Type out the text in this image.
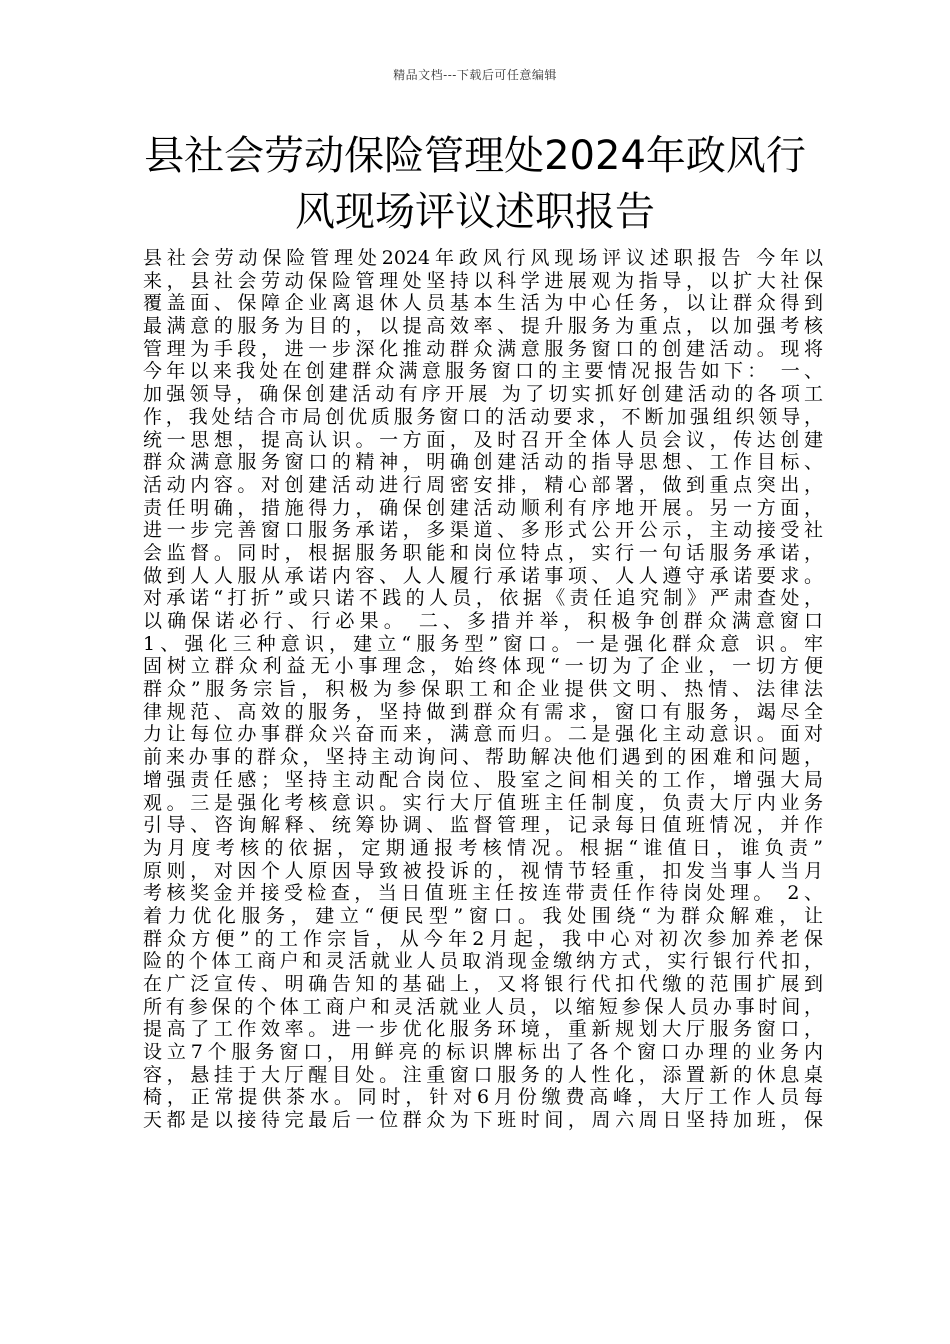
精品文档---下载后可任意编辑
县社会劳动保险管理处2024年政风行
风现场评议述职报告
县社会劳动保险管理处2024年政风行风现场评议述职报告 今年以
来，县社会劳动保险管理处坚持以科学进展观为指导，以扩大社保
覆盖面、保障企业离退休人员基本生活为中心任务，以让群众得到
最满意的服务为目的，以提高效率、提升服务为重点，以加强考核
管理为手段，进一步深化推动群众满意服务窗口的创建活动。现将
今年以来我处在创建群众满意服务窗口的主要情况报告如下： 一、
加强领导，确保创建活动有序开展 为了切实抓好创建活动的各项工
作，我处结合市局创优质服务窗口的活动要求，不断加强组织领导，
统一思想，提高认识。一方面，及时召开全体人员会议，传达创建
群众满意服务窗口的精神，明确创建活动的指导思想、工作目标、
活动内容。对创建活动进行周密安排，精心部署，做到重点突出，
责任明确，措施得力，确保创建活动顺利有序地开展。另一方面，
进一步完善窗口服务承诺，多渠道、多形式公开公示，主动接受社
会监督。同时，根据服务职能和岗位特点，实行一句话服务承诺，
做到人人服从承诺内容、人人履行承诺事项、人人遵守承诺要求。
对承诺“打折”或只诺不践的人员，依据《责任追究制》严肃查处，
以确保诺必行、行必果。 二、多措并举，积极争创群众满意窗口
1、强化三种意识，建立“服务型”窗口。一是强化群众意 识。牢
固树立群众利益无小事理念，始终体现“一切为了企业，一切方便
群众”服务宗旨，积极为参保职工和企业提供文明、热情、法律法
律规范、高效的服务，坚持做到群众有需求，窗口有服务，竭尽全
力让每位办事群众兴奋而来，满意而归。二是强化主动意识。面对
前来办事的群众，坚持主动询问、帮助解决他们遇到的困难和问题，
增强责任感；坚持主动配合岗位、股室之间相关的工作，增强大局
观。三是强化考核意识。实行大厅值班主任制度，负责大厅内业务
引导、咨询解释、统筹协调、监督管理，记录每日值班情况，并作
为月度考核的依据，定期通报考核情况。根据“谁值日，谁负责”
原则，对因个人原因导致被投诉的，视情节轻重，扣发当事人当月
考核奖金并接受检查，当日值班主任按连带责任作待岗处理。 2、
着力优化服务，建立“便民型”窗口。我处围绕“为群众解难，让
群众方便”的工作宗旨，从今年2月起，我中心对初次参加养老保
险的个体工商户和灵活就业人员取消现金缴纳方式，实行银行代扣，
在广泛宣传、明确告知的基础上，又将银行代扣代缴的范围扩展到
所有参保的个体工商户和灵活就业人员，以缩短参保人员办事时间，
提高了工作效率。进一步优化服务环境，重新规划大厅服务窗口，
设立7个服务窗口，用鲜亮的标识牌标出了各个窗口办理的业务内
容，悬挂于大厅醒目处。注重窗口服务的人性化，添置新的休息桌
椅，正常提供茶水。同时，针对6月份缴费高峰，大厅工作人员每
天都是以接待完最后一位群众为下班时间，周六周日坚持加班，保
